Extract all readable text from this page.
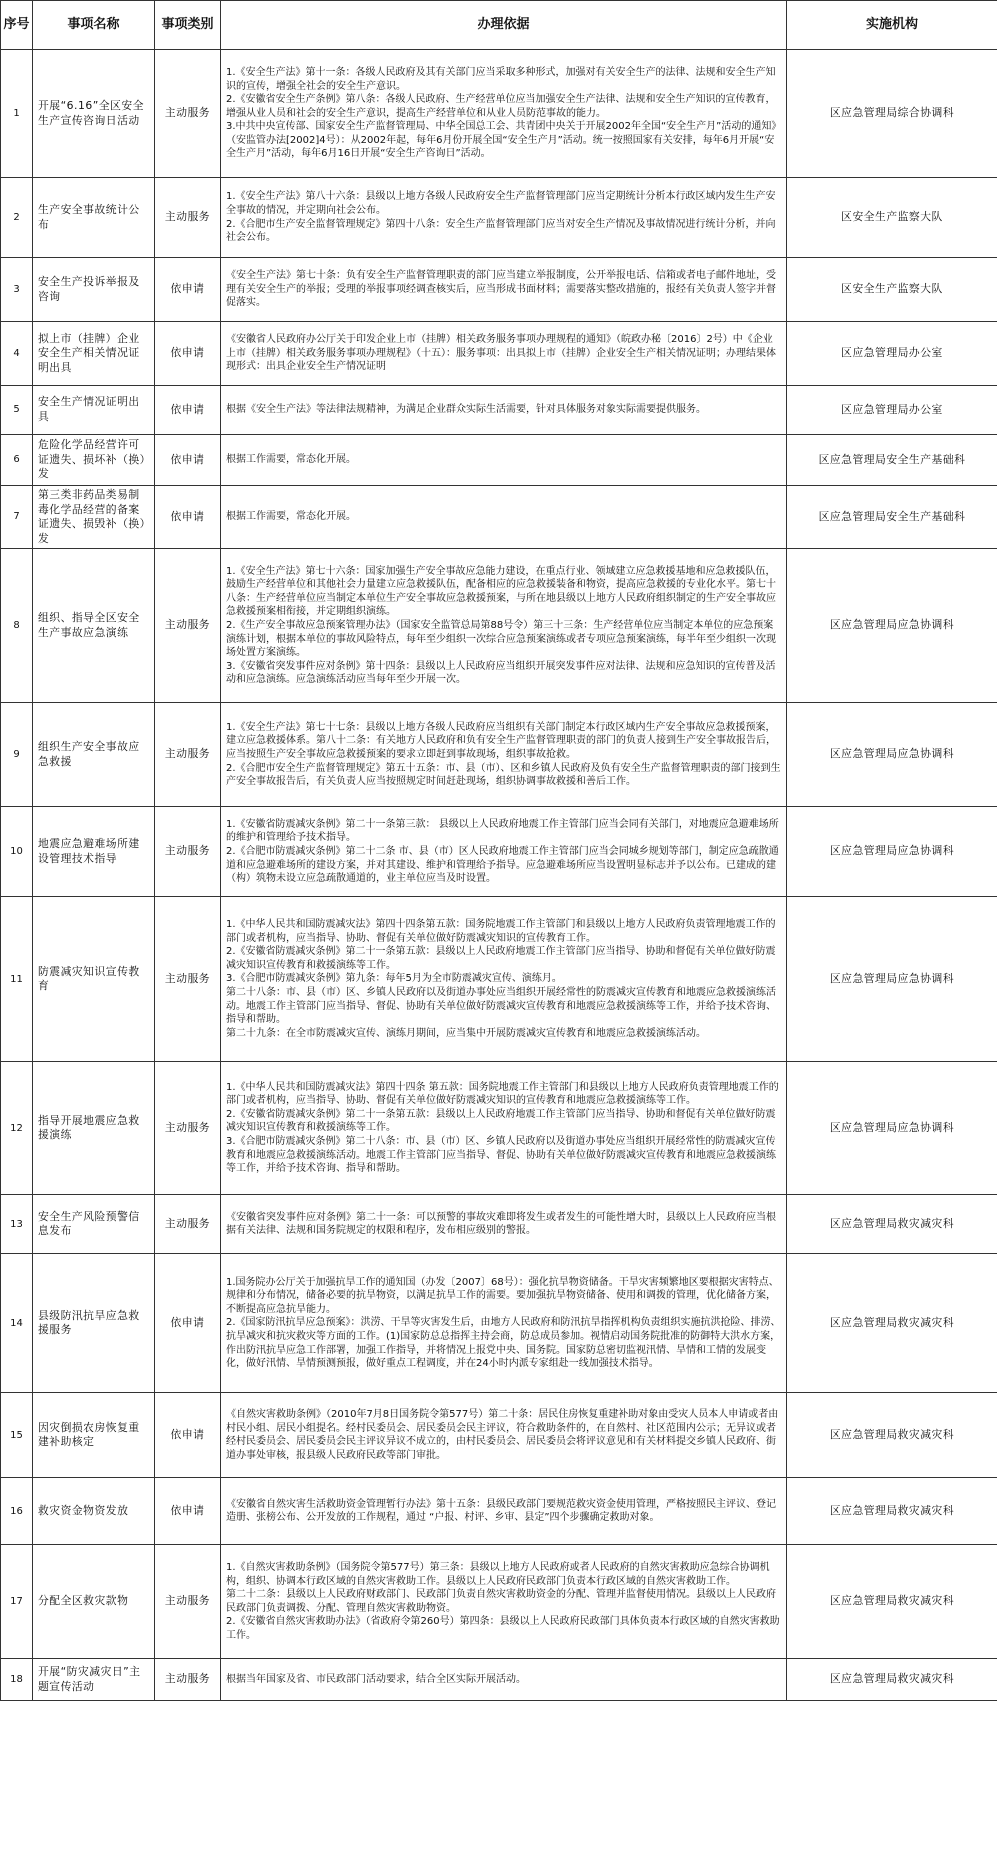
序号	事项名称	事项类别	办理依据	实施机构
1	开展“6.16”全区安全生产宣传咨询日活动	主动服务	1.《安全生产法》第十一条：各级人民政府及其有关部门应当采取多种形式，加强对有关安全生产的法律、法规和安全生产知识的宣传，增强全社会的安全生产意识。
2.《安徽省安全生产条例》第八条：各级人民政府、生产经营单位应当加强安全生产法律、法规和安全生产知识的宣传教育，增强从业人员和社会的安全生产意识，提高生产经营单位和从业人员防范事故的能力。
3.中共中央宣传部、国家安全生产监督管理局、中华全国总工会、共青团中央关于开展2002年全国“安全生产月”活动的通知》（安监管办法[2002]4号）：从2002年起，每年6月份开展全国“安全生产月”活动。统一按照国家有关安排，每年6月开展“安全生产月”活动，每年6月16日开展“安全生产咨询日”活动。	区应急管理局综合协调科
2	生产安全事故统计公布	主动服务	1.《安全生产法》第八十六条：县级以上地方各级人民政府安全生产监督管理部门应当定期统计分析本行政区域内发生生产安全事故的情况，并定期向社会公布。
2.《合肥市生产安全监督管理规定》第四十八条：安全生产监督管理部门应当对安全生产情况及事故情况进行统计分析，并向社会公布。	区安全生产监察大队
3	安全生产投诉举报及咨询	依申请	《安全生产法》第七十条：负有安全生产监督管理职责的部门应当建立举报制度，公开举报电话、信箱或者电子邮件地址，受理有关安全生产的举报；受理的举报事项经调查核实后，应当形成书面材料；需要落实整改措施的，报经有关负责人签字并督促落实。	区安全生产监察大队
4	拟上市（挂牌）企业安全生产相关情况证明出具	依申请	《安徽省人民政府办公厅关于印发企业上市（挂牌）相关政务服务事项办理规程的通知》（皖政办秘〔2016〕2号）中《企业上市（挂牌）相关政务服务事项办理规程》（十五）：服务事项：出具拟上市（挂牌）企业安全生产相关情况证明；办理结果体现形式：出具企业安全生产情况证明	区应急管理局办公室
5	安全生产情况证明出具	依申请	根据《安全生产法》等法律法规精神，为满足企业群众实际生活需要，针对具体服务对象实际需要提供服务。	区应急管理局办公室
6	危险化学品经营许可证遗失、损坏补（换）发	依申请	根据工作需要，常态化开展。	区应急管理局安全生产基础科
7	第三类非药品类易制毒化学品经营的备案证遗失、损毁补（换）发	依申请	根据工作需要，常态化开展。	区应急管理局安全生产基础科
8	组织、指导全区安全生产事故应急演练	主动服务	1.《安全生产法》第七十六条：国家加强生产安全事故应急能力建设，在重点行业、领域建立应急救援基地和应急救援队伍，鼓励生产经营单位和其他社会力量建立应急救援队伍，配备相应的应急救援装备和物资，提高应急救援的专业化水平。第七十八条：生产经营单位应当制定本单位生产安全事故应急救援预案，与所在地县级以上地方人民政府组织制定的生产安全事故应急救援预案相衔接，并定期组织演练。
2.《生产安全事故应急预案管理办法》（国家安全监管总局第88号令）第三十三条：生产经营单位应当制定本单位的应急预案演练计划，根据本单位的事故风险特点，每年至少组织一次综合应急预案演练或者专项应急预案演练，每半年至少组织一次现场处置方案演练。
3.《安徽省突发事件应对条例》第十四条：县级以上人民政府应当组织开展突发事件应对法律、法规和应急知识的宣传普及活动和应急演练。应急演练活动应当每年至少开展一次。	区应急管理局应急协调科
9	组织生产安全事故应急救援	主动服务	1.《安全生产法》第七十七条：县级以上地方各级人民政府应当组织有关部门制定本行政区域内生产安全事故应急救援预案，建立应急救援体系。第八十二条：有关地方人民政府和负有安全生产监督管理职责的部门的负责人接到生产安全事故报告后，应当按照生产安全事故应急救援预案的要求立即赶到事故现场，组织事故抢救。
2.《合肥市安全生产监督管理规定》第五十五条：市、县（市）、区和乡镇人民政府及负有安全生产监督管理职责的部门接到生产安全事故报告后，有关负责人应当按照规定时间赶赴现场，组织协调事故救援和善后工作。	区应急管理局应急协调科
10	地震应急避难场所建设管理技术指导	主动服务	1.《安徽省防震减灾条例》第二十一条第三款： 县级以上人民政府地震工作主管部门应当会同有关部门，对地震应急避难场所的维护和管理给予技术指导。
2.《合肥市防震减灾条例》第二十二条 市、县（市）区人民政府地震工作主管部门应当会同城乡规划等部门，制定应急疏散通道和应急避难场所的建设方案，并对其建设、维护和管理给予指导。应急避难场所应当设置明显标志并予以公布。已建成的建（构）筑物未设立应急疏散通道的，业主单位应当及时设置。	区应急管理局应急协调科
11	防震减灾知识宣传教育	主动服务	1.《中华人民共和国防震减灾法》第四十四条第五款：国务院地震工作主管部门和县级以上地方人民政府负责管理地震工作的部门或者机构，应当指导、协助、督促有关单位做好防震减灾知识的宣传教育工作。
2.《安徽省防震减灾条例》第二十一条第五款：县级以上人民政府地震工作主管部门应当指导、协助和督促有关单位做好防震减灾知识宣传教育和救援演练等工作。
3.《合肥市防震减灾条例》第九条：每年5月为全市防震减灾宣传、演练月。
第二十八条：市、县（市）区、乡镇人民政府以及街道办事处应当组织开展经常性的防震减灾宣传教育和地震应急救援演练活动。地震工作主管部门应当指导、督促、协助有关单位做好防震减灾宣传教育和地震应急救援演练等工作，并给予技术咨询、指导和帮助。
第二十九条：在全市防震减灾宣传、演练月期间，应当集中开展防震减灾宣传教育和地震应急救援演练活动。	区应急管理局应急协调科
12	指导开展地震应急救援演练	主动服务	1.《中华人民共和国防震减灾法》第四十四条 第五款：国务院地震工作主管部门和县级以上地方人民政府负责管理地震工作的部门或者机构，应当指导、协助、督促有关单位做好防震减灾知识的宣传教育和地震应急救援演练等工作。
2.《安徽省防震减灾条例》第二十一条第五款：县级以上人民政府地震工作主管部门应当指导、协助和督促有关单位做好防震减灾知识宣传教育和救援演练等工作。
3.《合肥市防震减灾条例》第二十八条：市、县（市）区、乡镇人民政府以及街道办事处应当组织开展经常性的防震减灾宣传教育和地震应急救援演练活动。地震工作主管部门应当指导、督促、协助有关单位做好防震减灾宣传教育和地震应急救援演练等工作，并给予技术咨询、指导和帮助。	区应急管理局应急协调科
13	安全生产风险预警信息发布	主动服务	《安徽省突发事件应对条例》第二十一条：可以预警的事故灾难即将发生或者发生的可能性增大时，县级以上人民政府应当根据有关法律、法规和国务院规定的权限和程序，发布相应级别的警报。	区应急管理局救灾减灾科
14	县级防汛抗旱应急救援服务	依申请	1.国务院办公厅关于加强抗旱工作的通知国（办发〔2007〕68号）：强化抗旱物资储备。干旱灾害频繁地区要根据灾害特点、规律和分布情况，储备必要的抗旱物资，以满足抗旱工作的需要。要加强抗旱物资储备、使用和调拨的管理，优化储备方案，不断提高应急抗旱能力。
2.《国家防汛抗旱应急预案》：洪涝、干旱等灾害发生后，由地方人民政府和防汛抗旱指挥机构负责组织实施抗洪抢险、排涝、抗旱减灾和抗灾救灾等方面的工作。(1)国家防总总指挥主持会商，防总成员参加。视情启动国务院批准的防御特大洪水方案，作出防汛抗旱应急工作部署，加强工作指导，并将情况上报党中央、国务院。国家防总密切监视汛情、旱情和工情的发展变化，做好汛情、旱情预测预报，做好重点工程调度，并在24小时内派专家组赴一线加强技术指导。	区应急管理局救灾减灾科
15	因灾倒损农房恢复重建补助核定	依申请	《自然灾害救助条例》（2010年7月8日国务院令第577号）第二十条：居民住房恢复重建补助对象由受灾人员本人申请或者由村民小组、居民小组提名。经村民委员会、居民委员会民主评议，符合救助条件的，在自然村、社区范围内公示；无异议或者经村民委员会、居民委员会民主评议异议不成立的，由村民委员会、居民委员会将评议意见和有关材料提交乡镇人民政府、街道办事处审核，报县级人民政府民政等部门审批。	区应急管理局救灾减灾科
16	救灾资金物资发放	依申请	《安徽省自然灾害生活救助资金管理暂行办法》第十五条：县级民政部门要规范救灾资金使用管理，严格按照民主评议、登记造册、张榜公布、公开发放的工作规程，通过 “户报、村评、乡审、县定”四个步骤确定救助对象。	区应急管理局救灾减灾科
17	分配全区救灾款物	主动服务	1.《自然灾害救助条例》（国务院令第577号）第三条：县级以上地方人民政府或者人民政府的自然灾害救助应急综合协调机构，组织、协调本行政区域的自然灾害救助工作。县级以上人民政府民政部门负责本行政区域的自然灾害救助工作。
第二十二条：县级以上人民政府财政部门、民政部门负责自然灾害救助资金的分配、管理并监督使用情况。县级以上人民政府民政部门负责调拨、分配、管理自然灾害救助物资。
2.《安徽省自然灾害救助办法》（省政府令第260号）第四条：县级以上人民政府民政部门具体负责本行政区域的自然灾害救助工作。	区应急管理局救灾减灾科
18	开展“防灾减灾日”主题宣传活动	主动服务	根据当年国家及省、市民政部门活动要求，结合全区实际开展活动。	区应急管理局救灾减灾科
